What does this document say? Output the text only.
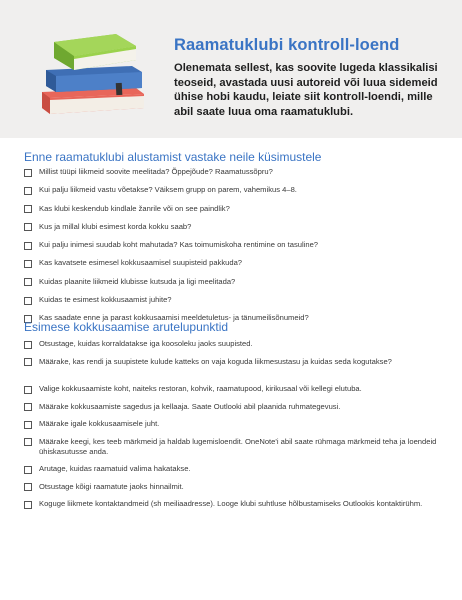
Raamatuklubi kontroll-loend
Olenemata sellest, kas soovite lugeda klassikalisi teoseid, avastada uusi autoreid või luua sidemeid ühise hobi kaudu, leiate siit kontroll-loendi, mille abil saate luua oma raamatuklubi.
Enne raamatuklubi alustamist vastake neile küsimustele
Millist tüüpi liikmeid soovite meelitada? Õppejõude? Raamatussõpru?
Kui palju liikmeid vastu võetakse? Väiksem grupp on parem, vahemikus 4–8.
Kas klubi keskendub kindlale žanrile või on see paindlik?
Kus ja millal klubi esimest korda kokku saab?
Kui palju inimesi suudab koht mahutada? Kas toimumiskoha rentimine on tasuline?
Kas kavatsete esimesel kokkusaamisel suupisteid pakkuda?
Kuidas plaanite liikmeid klubisse kutsuda ja ligi meelitada?
Kuidas te esimest kokkusaamist juhite?
Kas saadate enne ja parast kokkusaamisi meeldetuletus- ja tänumeilisõnumeid?
Esimese kokkusaamise arutelupunktid
Otsustage, kuidas korraldatakse iga koosoleku jaoks suupisted.
Määrake, kas rendi ja suupistete kulude katteks on vaja koguda liikmesustasu ja kuidas seda kogutakse?
Valige kokkusaamiste koht, naiteks restoran, kohvik, raamatupood, kirikusaal või kellegi elutuba.
Määrake kokkusaamiste sagedus ja kellaaja. Saate Outlooki abil plaanida ruhmategevusi.
Määrake igale kokkusaamisele juht.
Määrake keegi, kes teeb märkmeid ja haldab lugemisloendit. OneNote'i abil saate rühmaga märkmeid teha ja loendeid ühiskasutusse anda.
Arutage, kuidas raamatuid valima hakatakse.
Otsustage kõigi raamatute jaoks hinnailmit.
Koguge liikmete kontaktandmeid (sh meiliaadresse). Looge klubi suhtluse hõlbustamiseks Outlookis kontaktirühm.
